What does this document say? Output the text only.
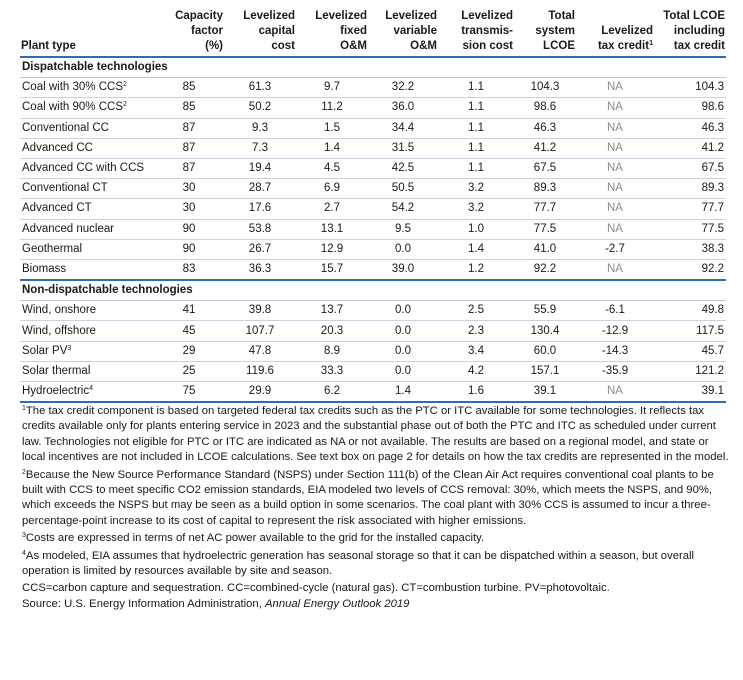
Plant type	Capacity
factor
(%)	Levelized
capital
cost	Levelized
fixed
O&M	Levelized
variable
O&M	Levelized
transmis-
sion cost	Total
system
LCOE	Levelized
tax credit$^1$	Total LCOE
including
tax credit
Dispatchable technologies								
Coal with 30% CCS$^2$	85	61.3	9.7	32.2	1.1	104.3	NA	104.3
Coal with 90% CCS$^2$	85	50.2	11.2	36.0	1.1	98.6	NA	98.6
Conventional CC	87	9.3	1.5	34.4	1.1	46.3	NA	46.3
Advanced CC	87	7.3	1.4	31.5	1.1	41.2	NA	41.2
Advanced CC with CCS	87	19.4	4.5	42.5	1.1	67.5	NA	67.5
Conventional CT	30	28.7	6.9	50.5	3.2	89.3	NA	89.3
Advanced CT	30	17.6	2.7	54.2	3.2	77.7	NA	77.7
Advanced nuclear	90	53.8	13.1	9.5	1.0	77.5	NA	77.5
Geothermal	90	26.7	12.9	0.0	1.4	41.0	-2.7	38.3
Biomass	83	36.3	15.7	39.0	1.2	92.2	NA	92.2
Non-dispatchable technologies								
Wind, onshore	41	39.8	13.7	0.0	2.5	55.9	-6.1	49.8
Wind, offshore	45	107.7	20.3	0.0	2.3	130.4	-12.9	117.5
Solar $PV^3$	29	47.8	8.9	0.0	3.4	60.0	-14.3	45.7
Solar thermal	25	119.6	33.3	0.0	4.2	157.1	-35.9	121.2
Hydroelectric$^4$	75	29.9	6.2	1.4	1.6	39.1	NA	39.1

$^1$The tax credit component is based on targeted federal tax credits such as the PTC or ITC available for some technologies. It reflects tax credits available only for plants entering service in 2023 and the substantial phase out of both the PTC and ITC as scheduled under current law. Technologies not eligible for PTC or ITC are indicated as NA or not available. The results are based on a regional model, and state or local incentives are not included in LCOE calculations. See text box on page 2 for details on how the tax credits are represented in the model.

$^2$Because the New Source Performance Standard (NSPS) under Section 111(b) of the Clean Air Act requires conventional coal plants to be built with CCS to meet specific CO2 emission standards, EIA modeled two levels of CCS removal: 30%, which meets the NSPS, and 90%, which exceeds the NSPS but may be seen as a build option in some scenarios. The coal plant with 30% CCS is assumed to incur a three-percentage-point increase to its cost of capital to represent the risk associated with higher emissions.

$^3$Costs are expressed in terms of net AC power available to the grid for the installed capacity.

$^4$As modeled, EIA assumes that hydroelectric generation has seasonal storage so that it can be dispatched within a season, but overall operation is limited by resources available by site and season.

CCS=carbon capture and sequestration. CC=combined-cycle (natural gas). CT=combustion turbine. PV=photovoltaic.

Source: U.S. Energy Information Administration, Annual Energy Outlook 2019
